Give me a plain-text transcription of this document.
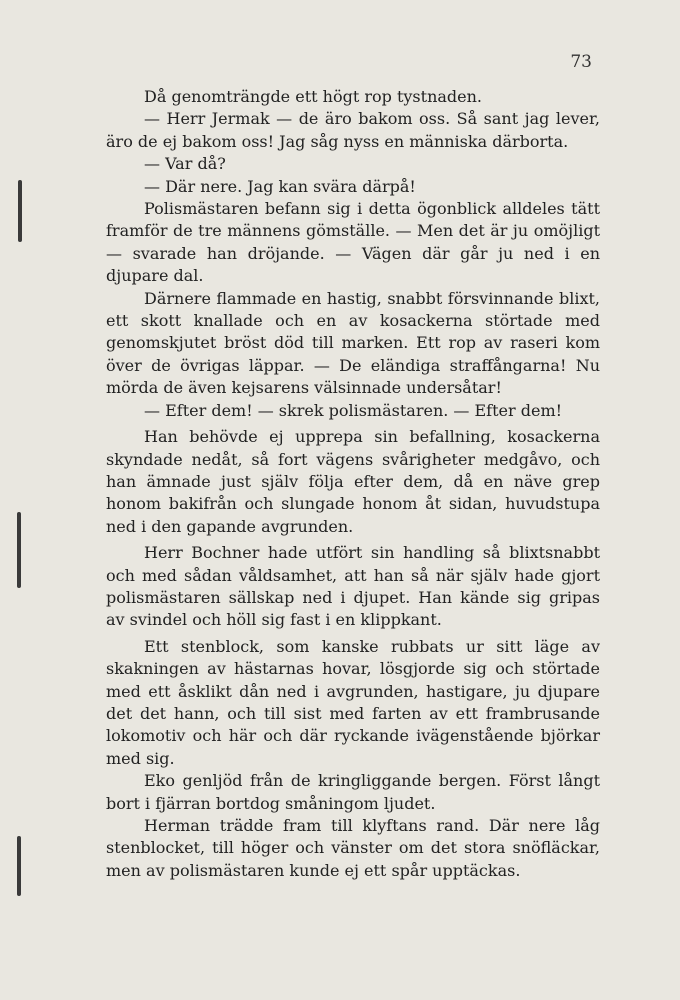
73

Då genomträngde ett högt rop tystnaden.

— Herr Jermak — de äro bakom oss. Så sant jag lever, äro de ej bakom oss! Jag såg nyss en människa därborta.

— Var då?

— Där nere. Jag kan svära därpå!

Polismästaren befann sig i detta ögonblick alldeles tätt framför de tre männens gömställe. — Men det är ju omöjligt — svarade han dröjande. — Vägen där går ju ned i en djupare dal.

Därnere flammade en hastig, snabbt försvinnande blixt, ett skott knallade och en av kosackerna störtade med genomskjutet bröst död till marken. Ett rop av raseri kom över de övrigas läppar. — De eländiga straffångarna! Nu mörda de även kejsarens välsinnade undersåtar!

— Efter dem! — skrek polismästaren. — Efter dem!

Han behövde ej upprepa sin befallning, kosackerna skyndade nedåt, så fort vägens svårigheter medgåvo, och han ämnade just själv följa efter dem, då en näve grep honom bakifrån och slungade honom åt sidan, huvudstupa ned i den gapande avgrunden.

Herr Bochner hade utfört sin handling så blixtsnabbt och med sådan våldsamhet, att han så när själv hade gjort polismästaren sällskap ned i djupet. Han kände sig gripas av svindel och höll sig fast i en klippkant.

Ett stenblock, som kanske rubbats ur sitt läge av skakningen av hästarnas hovar, lösgjorde sig och störtade med ett åsklikt dån ned i avgrunden, hastigare, ju djupare det det hann, och till sist med farten av ett frambrusande lokomotiv och här och där ryckande ivägenstående björkar med sig.

Eko genljöd från de kringliggande bergen. Först långt bort i fjärran bortdog småningom ljudet.

Herman trädde fram till klyftans rand. Där nere låg stenblocket, till höger och vänster om det stora snöfläckar, men av polismästaren kunde ej ett spår upptäckas.
